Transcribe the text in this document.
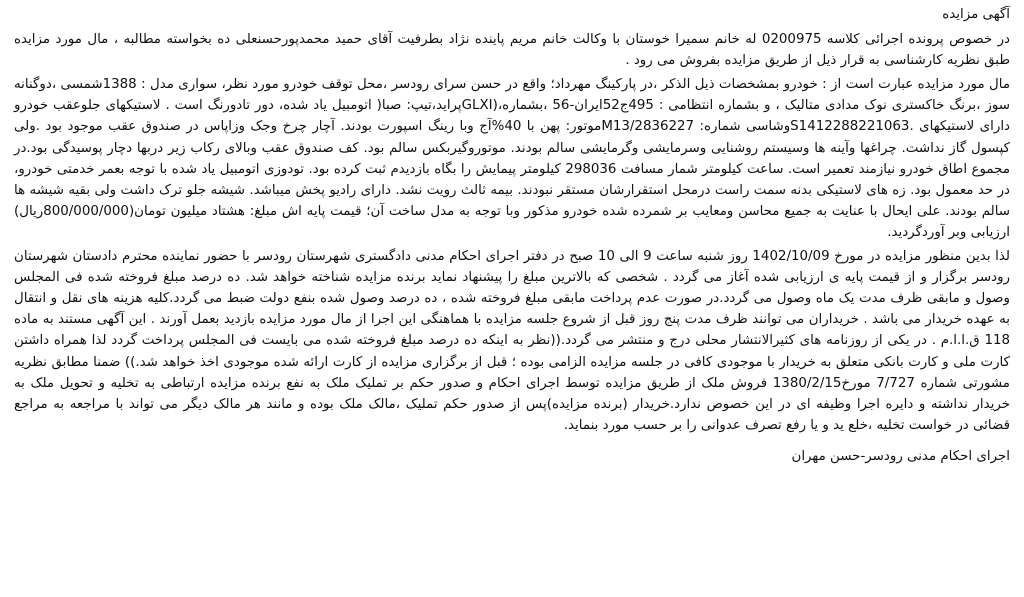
آگهی مزایده

در خصوص پرونده اجرائی کلاسه 0200975 له خانم سمیرا خوستان با وکالت خانم مریم پاینده نژاد بطرفیت آقای حمید محمدپورحسنعلی ده بخواسته مطالبه ، مال مورد مزایده طبق نظریه کارشناسی به قرار ذیل از طریق مزایده بفروش می رود .

مال مورد مزایده عبارت است از : خودرو بمشخصات ذیل الذکر ،در پارکینگ مهرداد؛ واقع در حسن سرای رودسر ،محل توقف خودرو مورد نظر، سواری مدل : 1388شمسی ،دوگنانه سوز ،برنگ خاکستری نوک مدادی متالیک ، و بشماره انتظامی : 495ج52ایران-56 ،بشماره،(GLXIپراید،تیپ: صبا( اتومبیل یاد شده، دور تادورنگ است . لاستیکهای جلوعقب خودرو دارای لاستیکهای .S1412288221063وشاسی شماره: M13/2836227موتور: پهن با 40%آج وبا رینگ اسپورت بودند. آچار چرخ وجک وزاپاس در صندوق عقب موجود بود .ولی کپسول گاز نداشت. چراغها وآینه ها وسیستم روشنایی وسرمایشی وگرمایشی سالم بودند. موتوروگیربکس سالم بود. کف صندوق عقب وبالای رکاب زیر دربها دچار پوسیدگی بود.در مجموع اطاق خودرو نیازمند تعمیر است. ساعت کیلومتر شمار مسافت 298036 کیلومتر پیمایش را بگاه بازدیدم ثبت کرده بود. تودوزی اتومبیل یاد شده با توجه بعمر خدمتی خودرو، در حد معمول بود. زه های لاستیکی بدنه سمت راست درمحل استقرارشان مستقر نبودند. بیمه ثالث رویت نشد. دارای رادیو پخش میباشد. شیشه جلو ترک داشت ولی بقیه شیشه ها سالم بودند. علی ایحال با عنایت به جمیع محاسن ومعایب بر شمرده شده خودرو مذکور وبا توجه به مدل ساخت آن؛ قیمت پایه اش مبلغ: هشتاد میلیون تومان(800/000/000ریال) ارزیابی وبر آوردگردید.

لذا بدین منظور مزایده در مورخ 1402/10/09 روز شنبه ساعت 9 الی 10 صبح در دفتر اجرای احکام مدنی دادگستری شهرستان رودسر با حضور نماینده محترم دادستان شهرستان رودسر برگزار و از قیمت پایه ی ارزیابی شده آغاز می گردد . شخصی که بالاترین مبلغ را پیشنهاد نماید برنده مزایده شناخته خواهد شد. ده درصد مبلغ فروخته شده فی المجلس وصول و مابقی ظرف مدت یک ماه وصول می گردد.در صورت عدم پرداخت مابقی مبلغ فروخته شده ، ده درصد وصول شده بنفع دولت ضبط می گردد.کلیه هزینه های نقل و انتقال به عهده خریدار می باشد . خریداران می توانند ظرف مدت پنج روز قبل از شروع جلسه مزایده با هماهنگی این اجرا از مال مورد مزایده بازدید بعمل آورند . این آگهی مستند به ماده 118 ق.ا.ا.م . در یکی از روزنامه های کثیرالانتشار محلی درج و منتشر می گردد.((نظر به اینکه ده درصد مبلغ فروخته شده می بایست فی المجلس پرداخت گردد لذا همراه داشتن کارت ملی و کارت بانکی متعلق به خریدار با موجودی کافی در جلسه مزایده الزامی بوده ؛ قبل از برگزاری مزایده از کارت ارائه شده موجودی اخذ خواهد شد.)) ضمنا مطابق نظریه مشورتی شماره 7/727 مورخ1380/2/15 فروش ملک از طریق مزایده توسط اجرای احکام و صدور حکم بر تملیک ملک به نفع برنده مزایده ارتباطی به تخلیه و تحویل ملک به خریدار نداشته و دایره اجرا وظیفه ای در این خصوص ندارد.خریدار (برنده مزایده)پس از صدور حکم تملیک ،مالک ملک بوده و مانند هر مالک دیگر می تواند با مراجعه به مراجع قضائی در خواست تخلیه ،خلع ید و یا رفع تصرف عدوانی را بر حسب مورد بنماید.

اجرای احکام مدنی رودسر-حسن مهران
